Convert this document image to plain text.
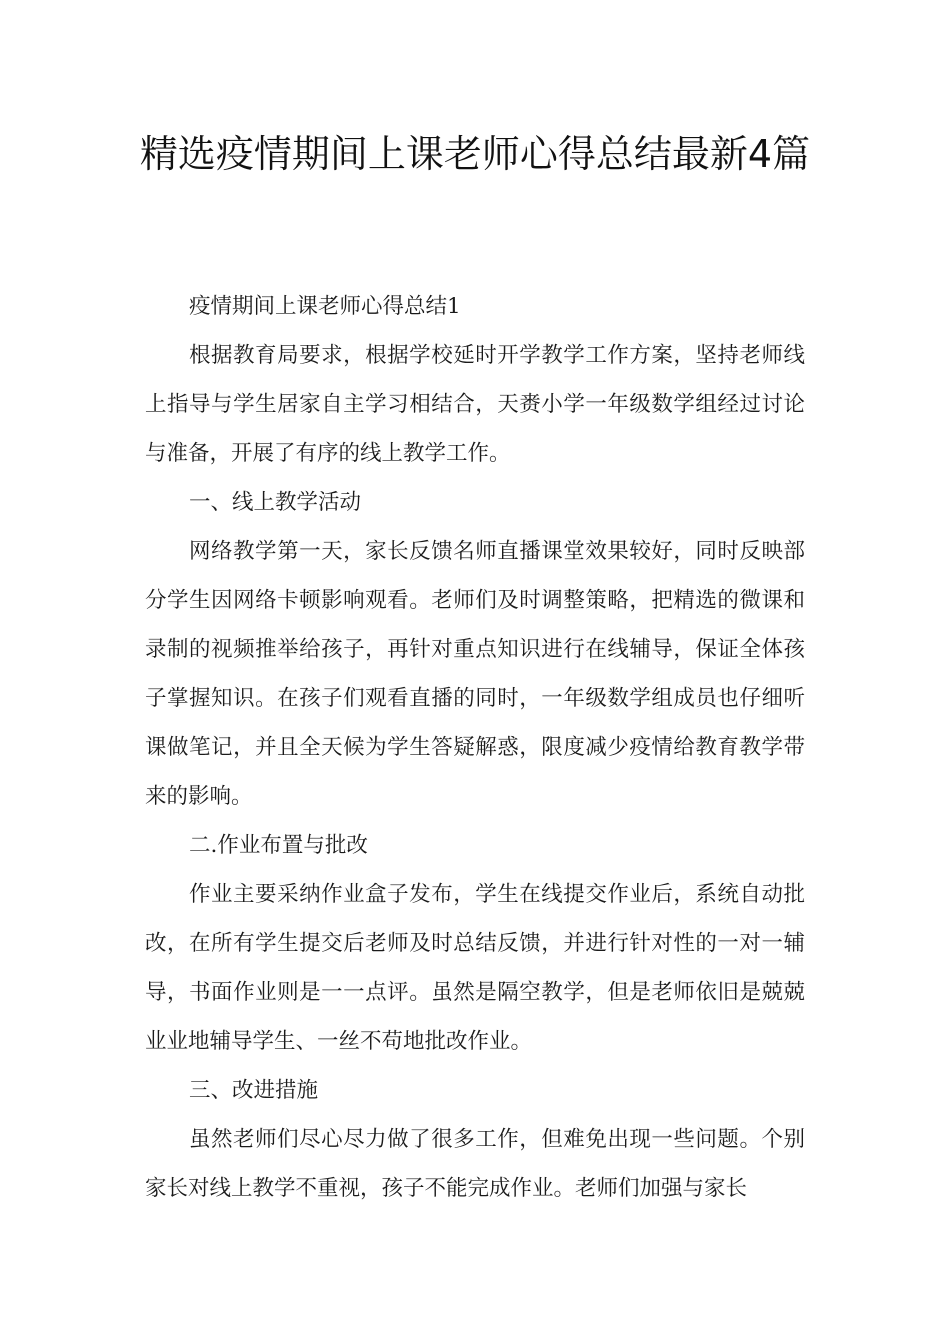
精选疫情期间上课老师心得总结最新4篇

疫情期间上课老师心得总结1

根据教育局要求，根据学校延时开学教学工作方案，坚持老师线上指导与学生居家自主学习相结合，天赉小学一年级数学组经过讨论与准备，开展了有序的线上教学工作。

一、线上教学活动

网络教学第一天，家长反馈名师直播课堂效果较好，同时反映部分学生因网络卡顿影响观看。老师们及时调整策略，把精选的微课和录制的视频推举给孩子，再针对重点知识进行在线辅导，保证全体孩子掌握知识。在孩子们观看直播的同时，一年级数学组成员也仔细听课做笔记，并且全天候为学生答疑解惑，限度减少疫情给教育教学带来的影响。

二.作业布置与批改

作业主要采纳作业盒子发布，学生在线提交作业后，系统自动批改，在所有学生提交后老师及时总结反馈，并进行针对性的一对一辅导，书面作业则是一一点评。虽然是隔空教学，但是老师依旧是兢兢业业地辅导学生、一丝不苟地批改作业。

三、改进措施

虽然老师们尽心尽力做了很多工作，但难免出现一些问题。个别家长对线上教学不重视，孩子不能完成作业。老师们加强与家长
